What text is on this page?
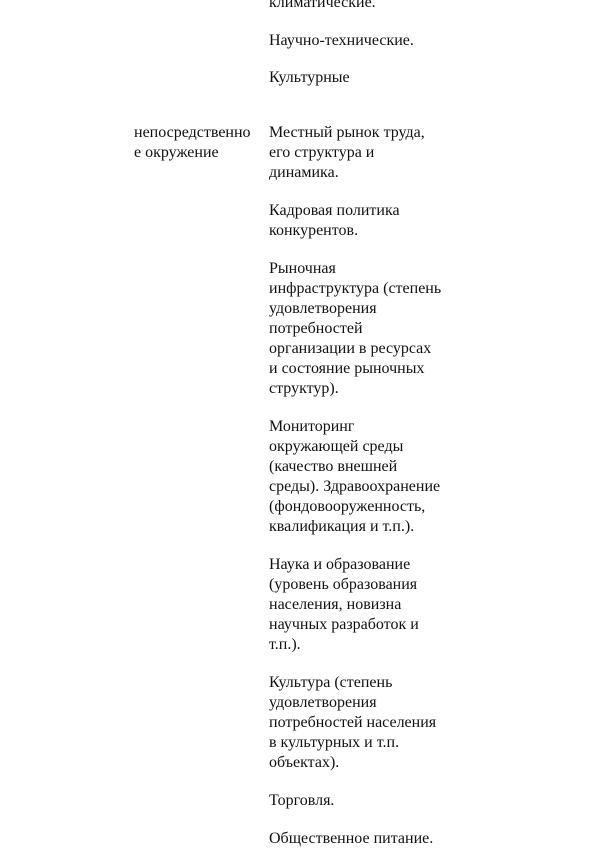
климатические.

Научно-технические.

Культурные

непосредственно
е окружение

Местный рынок труда,
его структура и
динамика.

Кадровая политика
конкурентов.

Рыночная
инфраструктура (степень
удовлетворения
потребностей
организации в ресурсах
и состояние рыночных
структур).

Мониторинг
окружающей среды
(качество внешней
среды). Здравоохранение
(фондовооруженность,
квалификация и т.п.).

Наука и образование
(уровень образования
населения, новизна
научных разработок и
т.п.).

Культура (степень
удовлетворения
потребностей населения
в культурных и т.п.
объектах).

Торговля.

Общественное питание.
